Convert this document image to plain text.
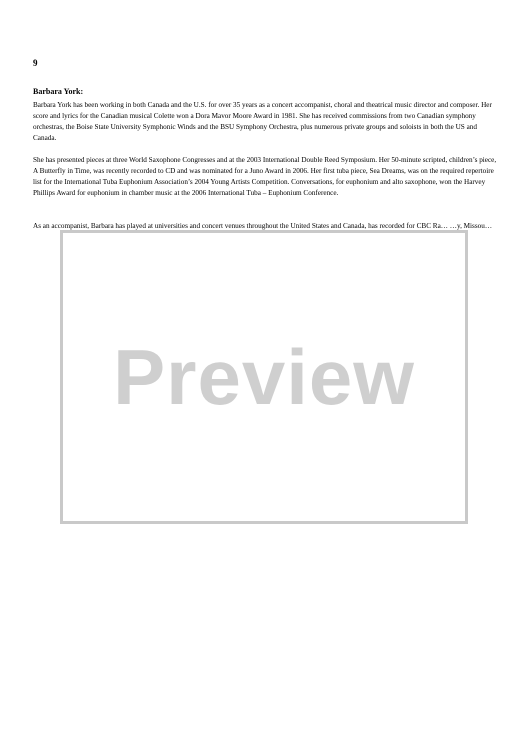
9
Barbara York:
Barbara York has been working in both Canada and the U.S. for over 35 years as a concert accompanist, choral and theatrical music director and composer. Her score and lyrics for the Canadian musical Colette won a Dora Mavor Moore Award in 1981. She has received commissions from two Canadian symphony orchestras, the Boise State University Symphonic Winds and the BSU Symphony Orchestra, plus numerous private groups and soloists in both the US and Canada.
She has presented pieces at three World Saxophone Congresses and at the 2003 International Double Reed Symposium. Her 50-minute scripted, children’s piece, A Butterfly in Time, was recently recorded to CD and was nominated for a Juno Award in 2006. Her first tuba piece, Sea Dreams, was on the required repertoire list for the International Tuba Euphonium Association’s 2004 Young Artists Competition. Conversations, for euphonium and alto saxophone, won the Harvey Phillips Award for euphonium in chamber music at the 2006 International Tuba – Euphonium Conference.
As an accompanist, Barbara has played at universities and concert venues throughout the United States and Canada, has recorded for CBC Ra… …y, Missou…
Preview
